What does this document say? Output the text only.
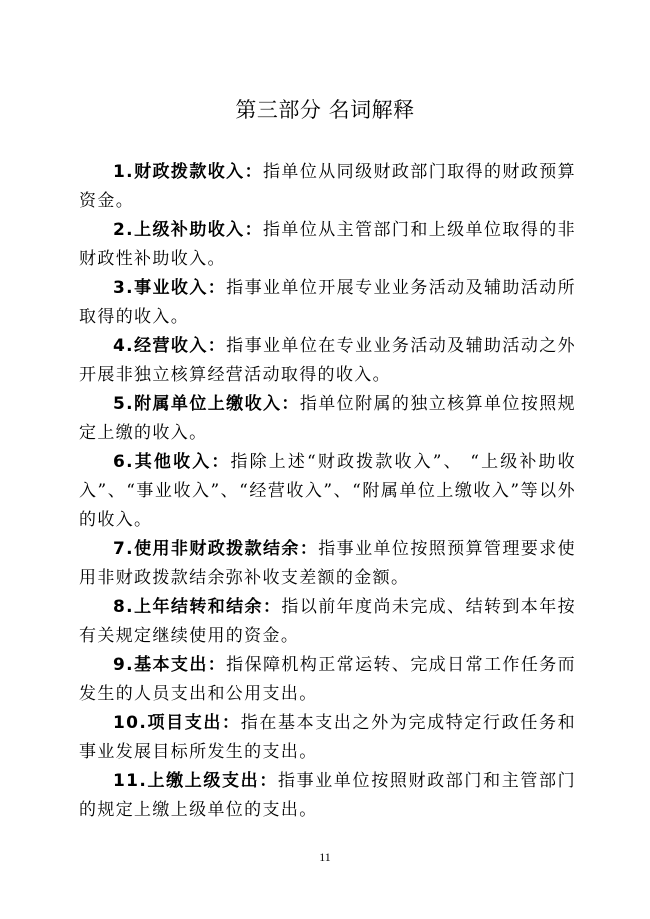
第三部分 名词解释

1.财政拨款收入：指单位从同级财政部门取得的财政预算资金。

2.上级补助收入：指单位从主管部门和上级单位取得的非财政性补助收入。

3.事业收入：指事业单位开展专业业务活动及辅助活动所取得的收入。

4.经营收入：指事业单位在专业业务活动及辅助活动之外开展非独立核算经营活动取得的收入。

5.附属单位上缴收入：指单位附属的独立核算单位按照规定上缴的收入。

6.其他收入：指除上述“财政拨款收入”、 “上级补助收入”、“事业收入”、“经营收入”、“附属单位上缴收入”等以外的收入。

7.使用非财政拨款结余：指事业单位按照预算管理要求使用非财政拨款结余弥补收支差额的金额。

8.上年结转和结余：指以前年度尚未完成、结转到本年按有关规定继续使用的资金。

9.基本支出：指保障机构正常运转、完成日常工作任务而发生的人员支出和公用支出。

10.项目支出：指在基本支出之外为完成特定行政任务和事业发展目标所发生的支出。

11.上缴上级支出：指事业单位按照财政部门和主管部门的规定上缴上级单位的支出。

11
